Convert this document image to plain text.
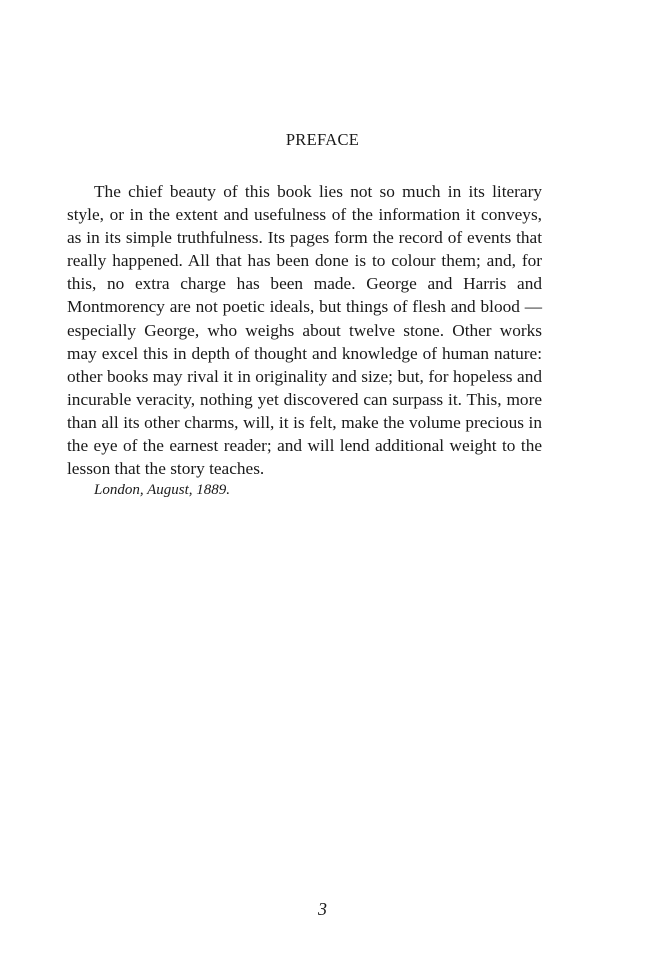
PREFACE

The chief beauty of this book lies not so much in its literary style, or in the extent and usefulness of the information it conveys, as in its simple truthfulness. Its pages form the record of events that really happened. All that has been done is to colour them; and, for this, no extra charge has been made. George and Harris and Montmorency are not poetic ideals, but things of flesh and blood — especially George, who weighs about twelve stone. Other works may excel this in depth of thought and knowledge of human nature: other books may rival it in originality and size; but, for hopeless and incurable veracity, nothing yet discovered can surpass it. This, more than all its other charms, will, it is felt, make the volume precious in the eye of the earnest reader; and will lend additional weight to the lesson that the story teaches.

London, August, 1889.

3
